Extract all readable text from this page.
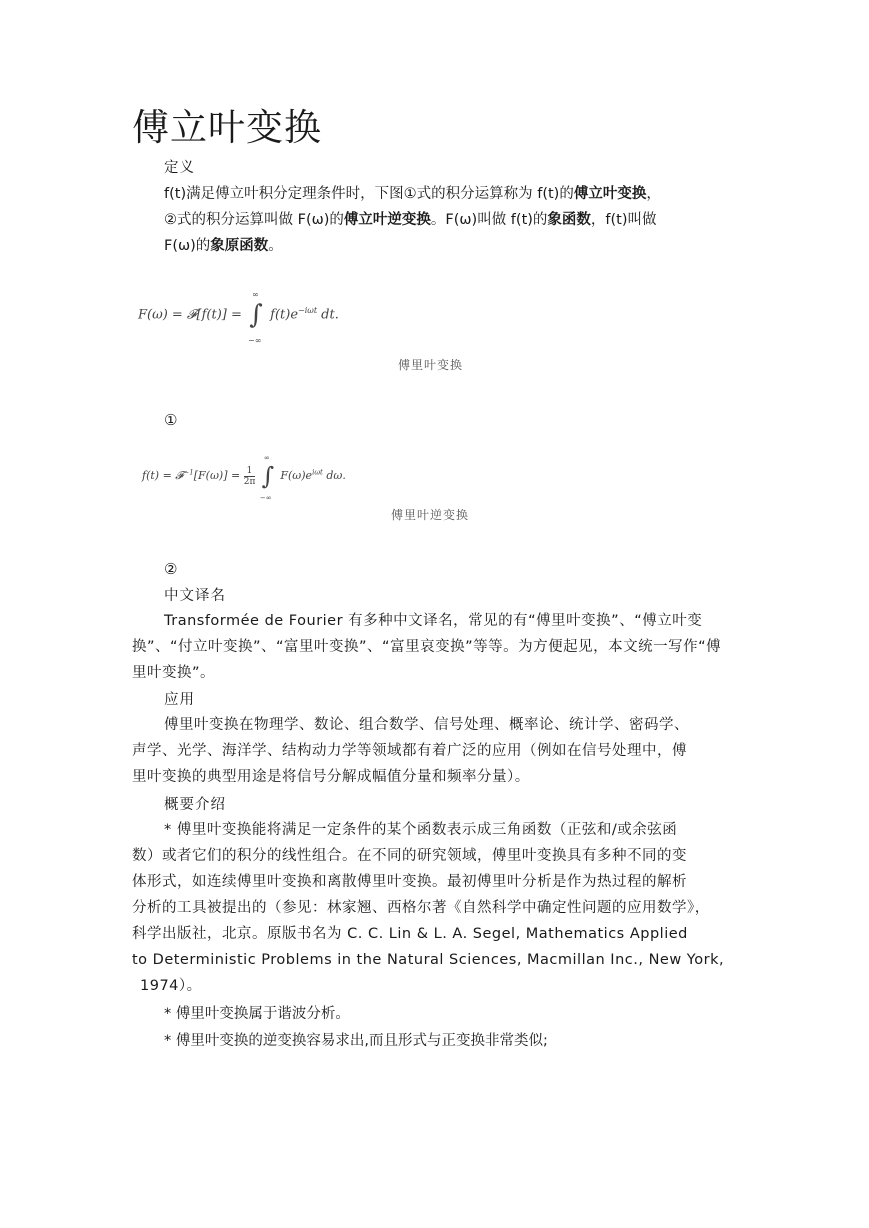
傅立叶变换
定义
f(t)满足傅立叶积分定理条件时，下图①式的积分运算称为 f(t)的傅立叶变换，
②式的积分运算叫做 F(ω)的傅立叶逆变换。F(ω)叫做 f(t)的象函数，f(t)叫做
F(ω)的象原函数。
F(ω) = 𝓕[f(t)] = ∫
∞
−∞
$f(t)e^{-i\omega t}$ dt.
傅里叶变换
①
f(t) = 𝓕$^{-1}$[F(ω)] = $\frac{1}{2\pi}$ ∫
∞
−∞
$F(\omega)e^{i\omega t}$ dω.
傅里叶逆变换
②
中文译名
Transformée de Fourier 有多种中文译名，常见的有“傅里叶变换”、“傅立叶变
换”、“付立叶变换”、“富里叶变换”、“富里哀变换”等等。为方便起见，本文统一写作“傅
里叶变换”。
应用
傅里叶变换在物理学、数论、组合数学、信号处理、概率论、统计学、密码学、
声学、光学、海洋学、结构动力学等领域都有着广泛的应用（例如在信号处理中，傅
里叶变换的典型用途是将信号分解成幅值分量和频率分量）。
概要介绍
* 傅里叶变换能将满足一定条件的某个函数表示成三角函数（正弦和/或余弦函
数）或者它们的积分的线性组合。在不同的研究领域，傅里叶变换具有多种不同的变
体形式，如连续傅里叶变换和离散傅里叶变换。最初傅里叶分析是作为热过程的解析
分析的工具被提出的（参见：林家翘、西格尔著《自然科学中确定性问题的应用数学》，
科学出版社，北京。原版书名为 C. C. Lin & L. A. Segel, Mathematics Applied
to Deterministic Problems in the Natural Sciences, Macmillan Inc., New York,
1974）。
* 傅里叶变换属于谐波分析。
* 傅里叶变换的逆变换容易求出,而且形式与正变换非常类似;
